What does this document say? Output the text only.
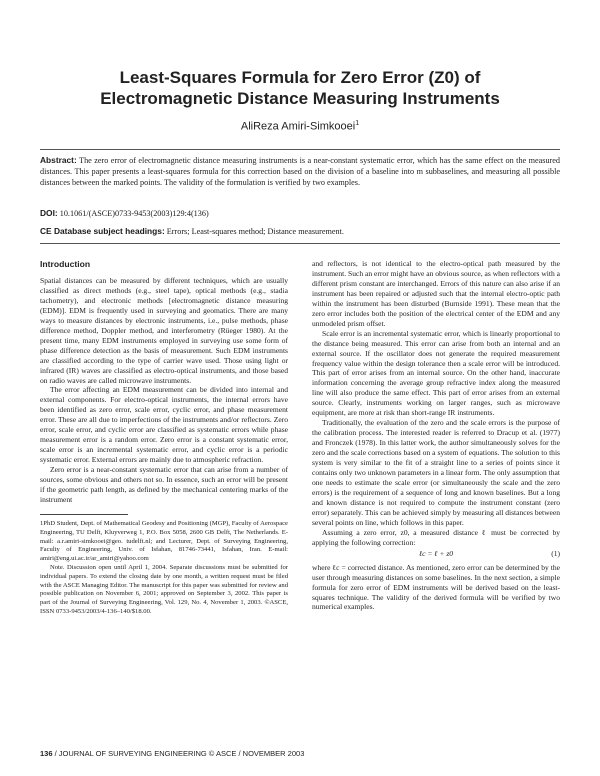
Least-Squares Formula for Zero Error (Z0) of
Electromagnetic Distance Measuring Instruments
AliReza Amiri-Simkooei$^1$
Abstract: The zero error of electromagnetic distance measuring instruments is a near-constant systematic error, which has the same effect on the measured distances. This paper presents a least-squares formula for this correction based on the division of a baseline into m subbaselines, and measuring all possible distances between the marked points. The validity of the formulation is verified by two examples.
DOI: 10.1061/(ASCE)0733-9453(2003)129:4(136)
CE Database subject headings: Errors; Least-squares method; Distance measurement.
Introduction

Spatial distances can be measured by different techniques, which are usually classified as direct methods (e.g., steel tape), optical methods (e.g., stadia tachometry), and electronic methods [electromagnetic distance measuring (EDM)]. EDM is frequently used in surveying and geomatics. There are many ways to measure distances by electronic instruments, i.e., pulse methods, phase difference method, Doppler method, and interferometry (Rüeger 1980). At the present time, many EDM instruments employed in surveying use some form of phase difference detection as the basis of measurement. Such EDM instruments are classified according to the type of carrier wave used. Those using light or infrared (IR) waves are classified as electro-optical instruments, and those based on radio waves are called microwave instruments.

The error affecting an EDM measurement can be divided into internal and external components. For electro-optical instruments, the internal errors have been identified as zero error, scale error, cyclic error, and phase measurement error. These are all due to imperfections of the instruments and/or reflectors. Zero error, scale error, and cyclic error are classified as systematic errors while phase measurement error is a random error. Zero error is a constant systematic error, scale error is an incremental systematic error, and cyclic error is a periodic systematic error. External errors are mainly due to atmospheric refraction.

Zero error is a near-constant systematic error that can arise from a number of sources, some obvious and others not so. In essence, such an error will be present if the geometric path length, as defined by the mechanical centering marks of the instrument

1PhD Student, Dept. of Mathematical Geodesy and Positioning (MGP), Faculty of Aerospace Engineering, TU Delft, Kluyverweg 1, P.O. Box 5058, 2600 GB Delft, The Netherlands. E-mail: a.r.amiri-simkooei@geo. tudelft.nl; and Lecturer, Dept. of Surveying Engineering, Faculty of Engineering, Univ. of Isfahan, 81746-73441, Isfahan, Iran. E-mail: amiri@eng.ui.ac.ir/ar_amiri@yahoo.com

Note. Discussion open until April 1, 2004. Separate discussions must be submitted for individual papers. To extend the closing date by one month, a written request must be filed with the ASCE Managing Editor. The manuscript for this paper was submitted for review and possible publication on November 6, 2001; approved on September 3, 2002. This paper is part of the Journal of Surveying Engineering, Vol. 129, No. 4, November 1, 2003. ©ASCE, ISSN 0733-9453/2003/4-136–140/$18.00.

and reflectors, is not identical to the electro-optical path measured by the instrument. Such an error might have an obvious source, as when reflectors with a different prism constant are interchanged. Errors of this nature can also arise if an instrument has been repaired or adjusted such that the internal electro-optic path within the instrument has been disturbed (Burnside 1991). These mean that the zero error includes both the position of the electrical center of the EDM and any unmodeled prism offset.

Scale error is an incremental systematic error, which is linearly proportional to the distance being measured. This error can arise from both an internal and an external source. If the oscillator does not generate the required measurement frequency value within the design tolerance then a scale error will be introduced. This part of error arises from an internal source. On the other hand, inaccurate information concerning the average group refractive index along the measured line will also produce the same effect. This part of error arises from an external source. Clearly, instruments working on larger ranges, such as microwave equipment, are more at risk than short-range IR instruments.

Traditionally, the evaluation of the zero and the scale errors is the purpose of the calibration process. The interested reader is referred to Dracup et al. (1977) and Fronczek (1978). In this latter work, the author simultaneously solves for the zero and the scale corrections based on a system of equations. The solution to this system is very similar to the fit of a straight line to a series of points since it contains only two unknown parameters in a linear form. The only assumption that one needs to estimate the scale error (or simultaneously the scale and the zero errors) is the requirement of a sequence of long and known baselines. But a long and known distance is not required to compute the instrument constant (zero error) separately. This can be achieved simply by measuring all distances between several points on line, which follows in this paper.

Assuming a zero error, z0, a measured distance ℓ must be corrected by applying the following correction:

ℓc = ℓ + z0	(1)

where ℓc = corrected distance. As mentioned, zero error can be determined by the user through measuring distances on some baselines. In the next section, a simple formula for zero error of EDM instruments will be derived based on the least-squares technique. The validity of the derived formula will be verified by two numerical examples.

136 / JOURNAL OF SURVEYING ENGINEERING © ASCE / NOVEMBER 2003
